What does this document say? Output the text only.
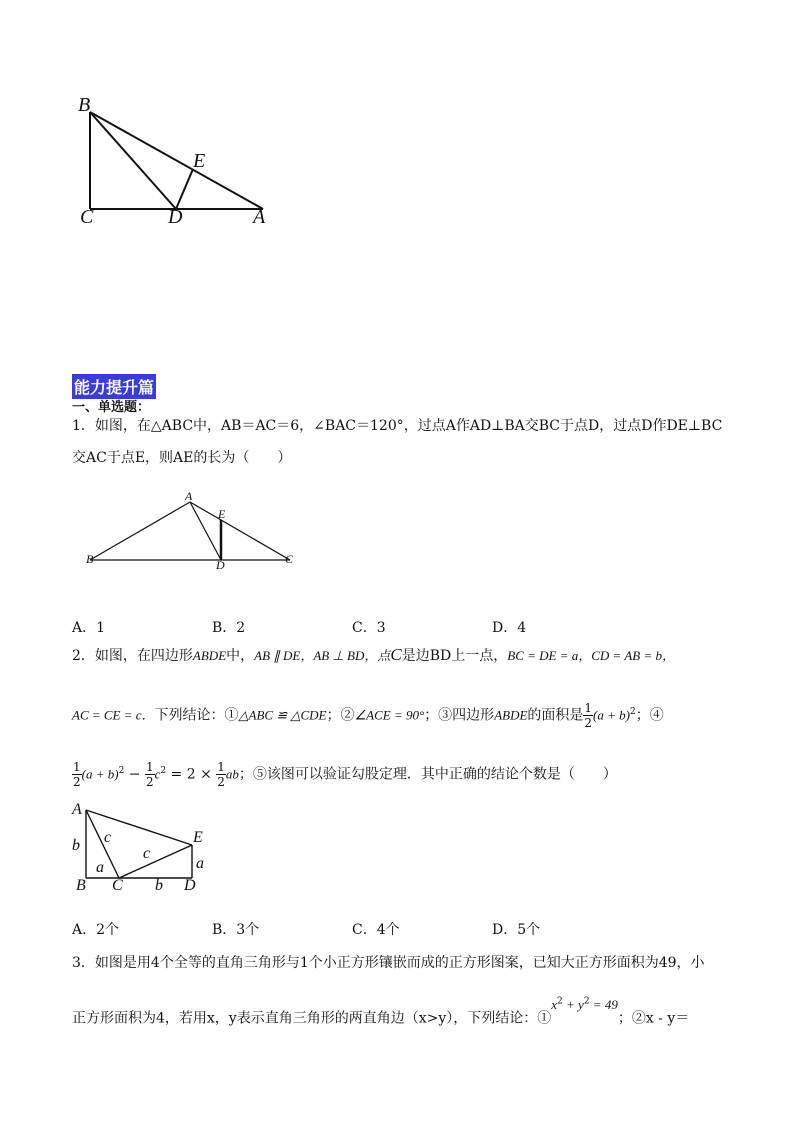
B
E
C	D	A
能力提升篇
一、单选题：
1．如图，在△ABC中，AB＝AC＝6，∠BAC＝120°，过点A作AD⊥BA交BC于点D，过点D作DE⊥BC
交AC于点E，则AE的长为（　　）
A
E
B	D	C
A．1	B．2	C．3	D．4
2．如图，在四边形ABDE中，AB ∥ DE，AB ⊥ BD，点C是边BD上一点，BC = DE = a，CD = AB = b，
AC = CE = c．下列结论：①△ABC ≌ △CDE；②∠ACE = 90°；③四边形ABDE的面积是 $\frac{1}{2} (a + b)^2$；④
$\frac{1}{2} (a + b)^2 - \frac{1}{2} c^2 = 2 \times \frac{1}{2}$ ab；⑤该图可以验证勾股定理．其中正确的结论个数是（　　）
A
E
b c
c
a	a
B C b D
A．2个	B．3个	C．4个	D．5个
3．如图是用4个全等的直角三角形与1个小正方形镶嵌而成的正方形图案，已知大正方形面积为49，小
正方形面积为4，若用x，y表示直角三角形的两直角边（x>y），下列结论：$①x^2 + y^2 = 49$；②x - y＝
